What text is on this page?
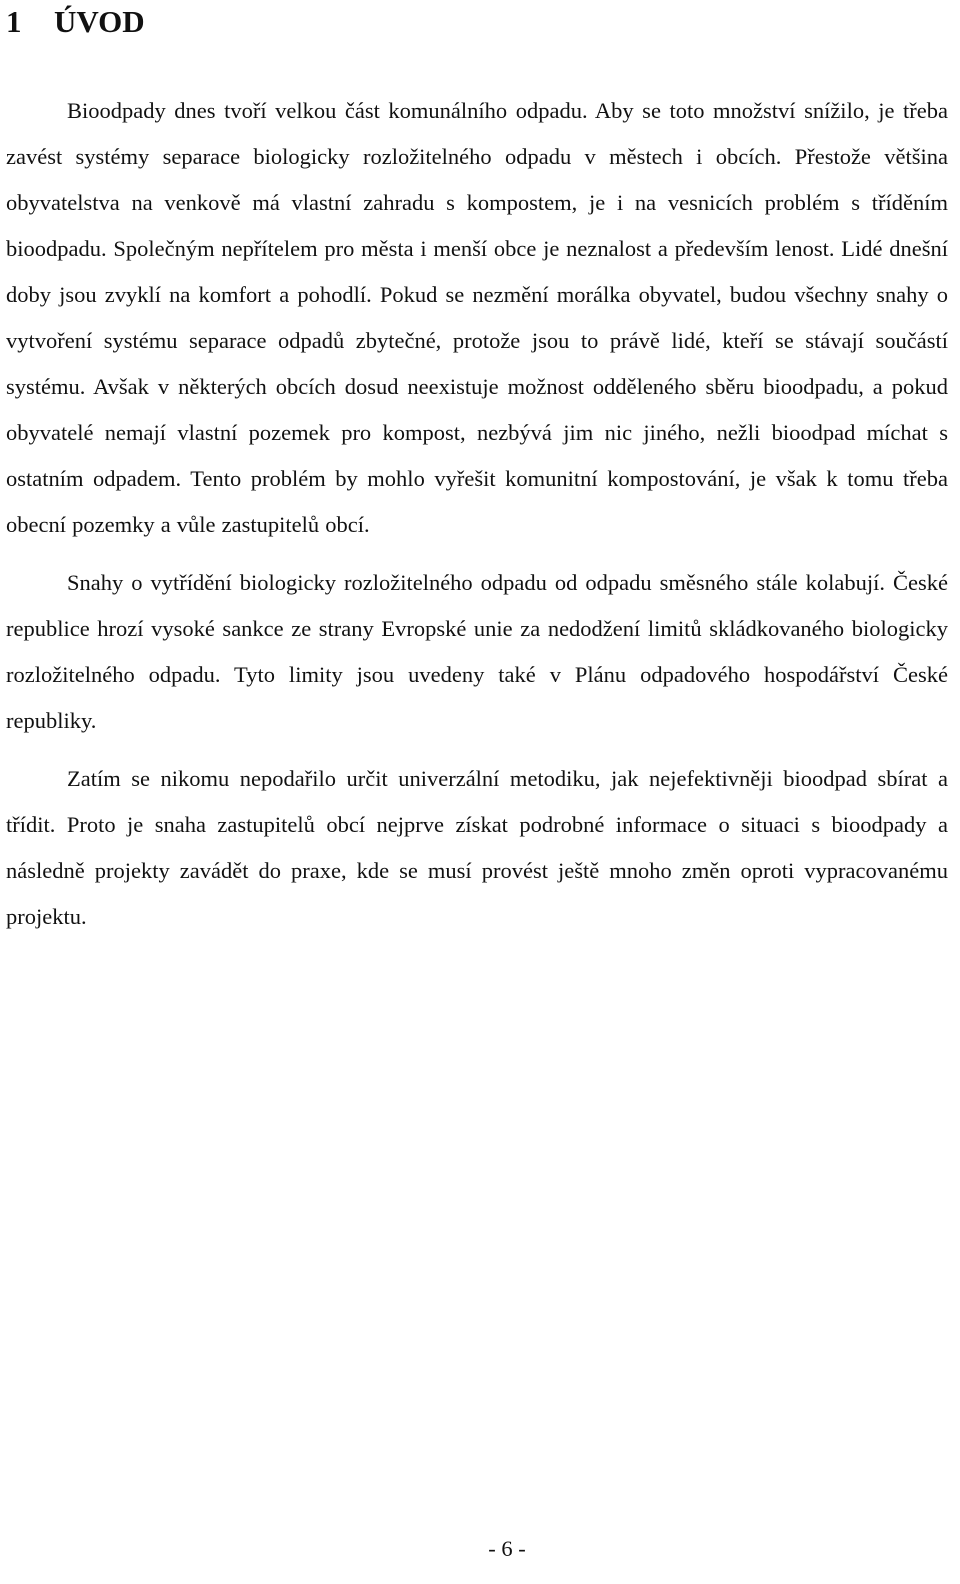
1 ÚVOD

Bioodpady dnes tvoří velkou část komunálního odpadu. Aby se toto množství snížilo, je třeba zavést systémy separace biologicky rozložitelného odpadu v městech i obcích. Přestože většina obyvatelstva na venkově má vlastní zahradu s kompostem, je i na vesnicích problém s tříděním bioodpadu. Společným nepřítelem pro města i menší obce je neznalost a především lenost. Lidé dnešní doby jsou zvyklí na komfort a pohodlí. Pokud se nezmění morálka obyvatel, budou všechny snahy o vytvoření systému separace odpadů zbytečné, protože jsou to právě lidé, kteří se stávají součástí systému. Avšak v některých obcích dosud neexistuje možnost odděleného sběru bioodpadu, a pokud obyvatelé nemají vlastní pozemek pro kompost, nezbývá jim nic jiného, nežli bioodpad míchat s ostatním odpadem. Tento problém by mohlo vyřešit komunitní kompostování, je však k tomu třeba obecní pozemky a vůle zastupitelů obcí.

Snahy o vytřídění biologicky rozložitelného odpadu od odpadu směsného stále kolabují. České republice hrozí vysoké sankce ze strany Evropské unie za nedodžení limitů skládkovaného biologicky rozložitelného odpadu. Tyto limity jsou uvedeny také v Plánu odpadového hospodářství České republiky.

Zatím se nikomu nepodařilo určit univerzální metodiku, jak nejefektivněji bioodpad sbírat a třídit. Proto je snaha zastupitelů obcí nejprve získat podrobné informace o situaci s bioodpady a následně projekty zavádět do praxe, kde se musí provést ještě mnoho změn oproti vypracovanému projektu.

- 6 -
